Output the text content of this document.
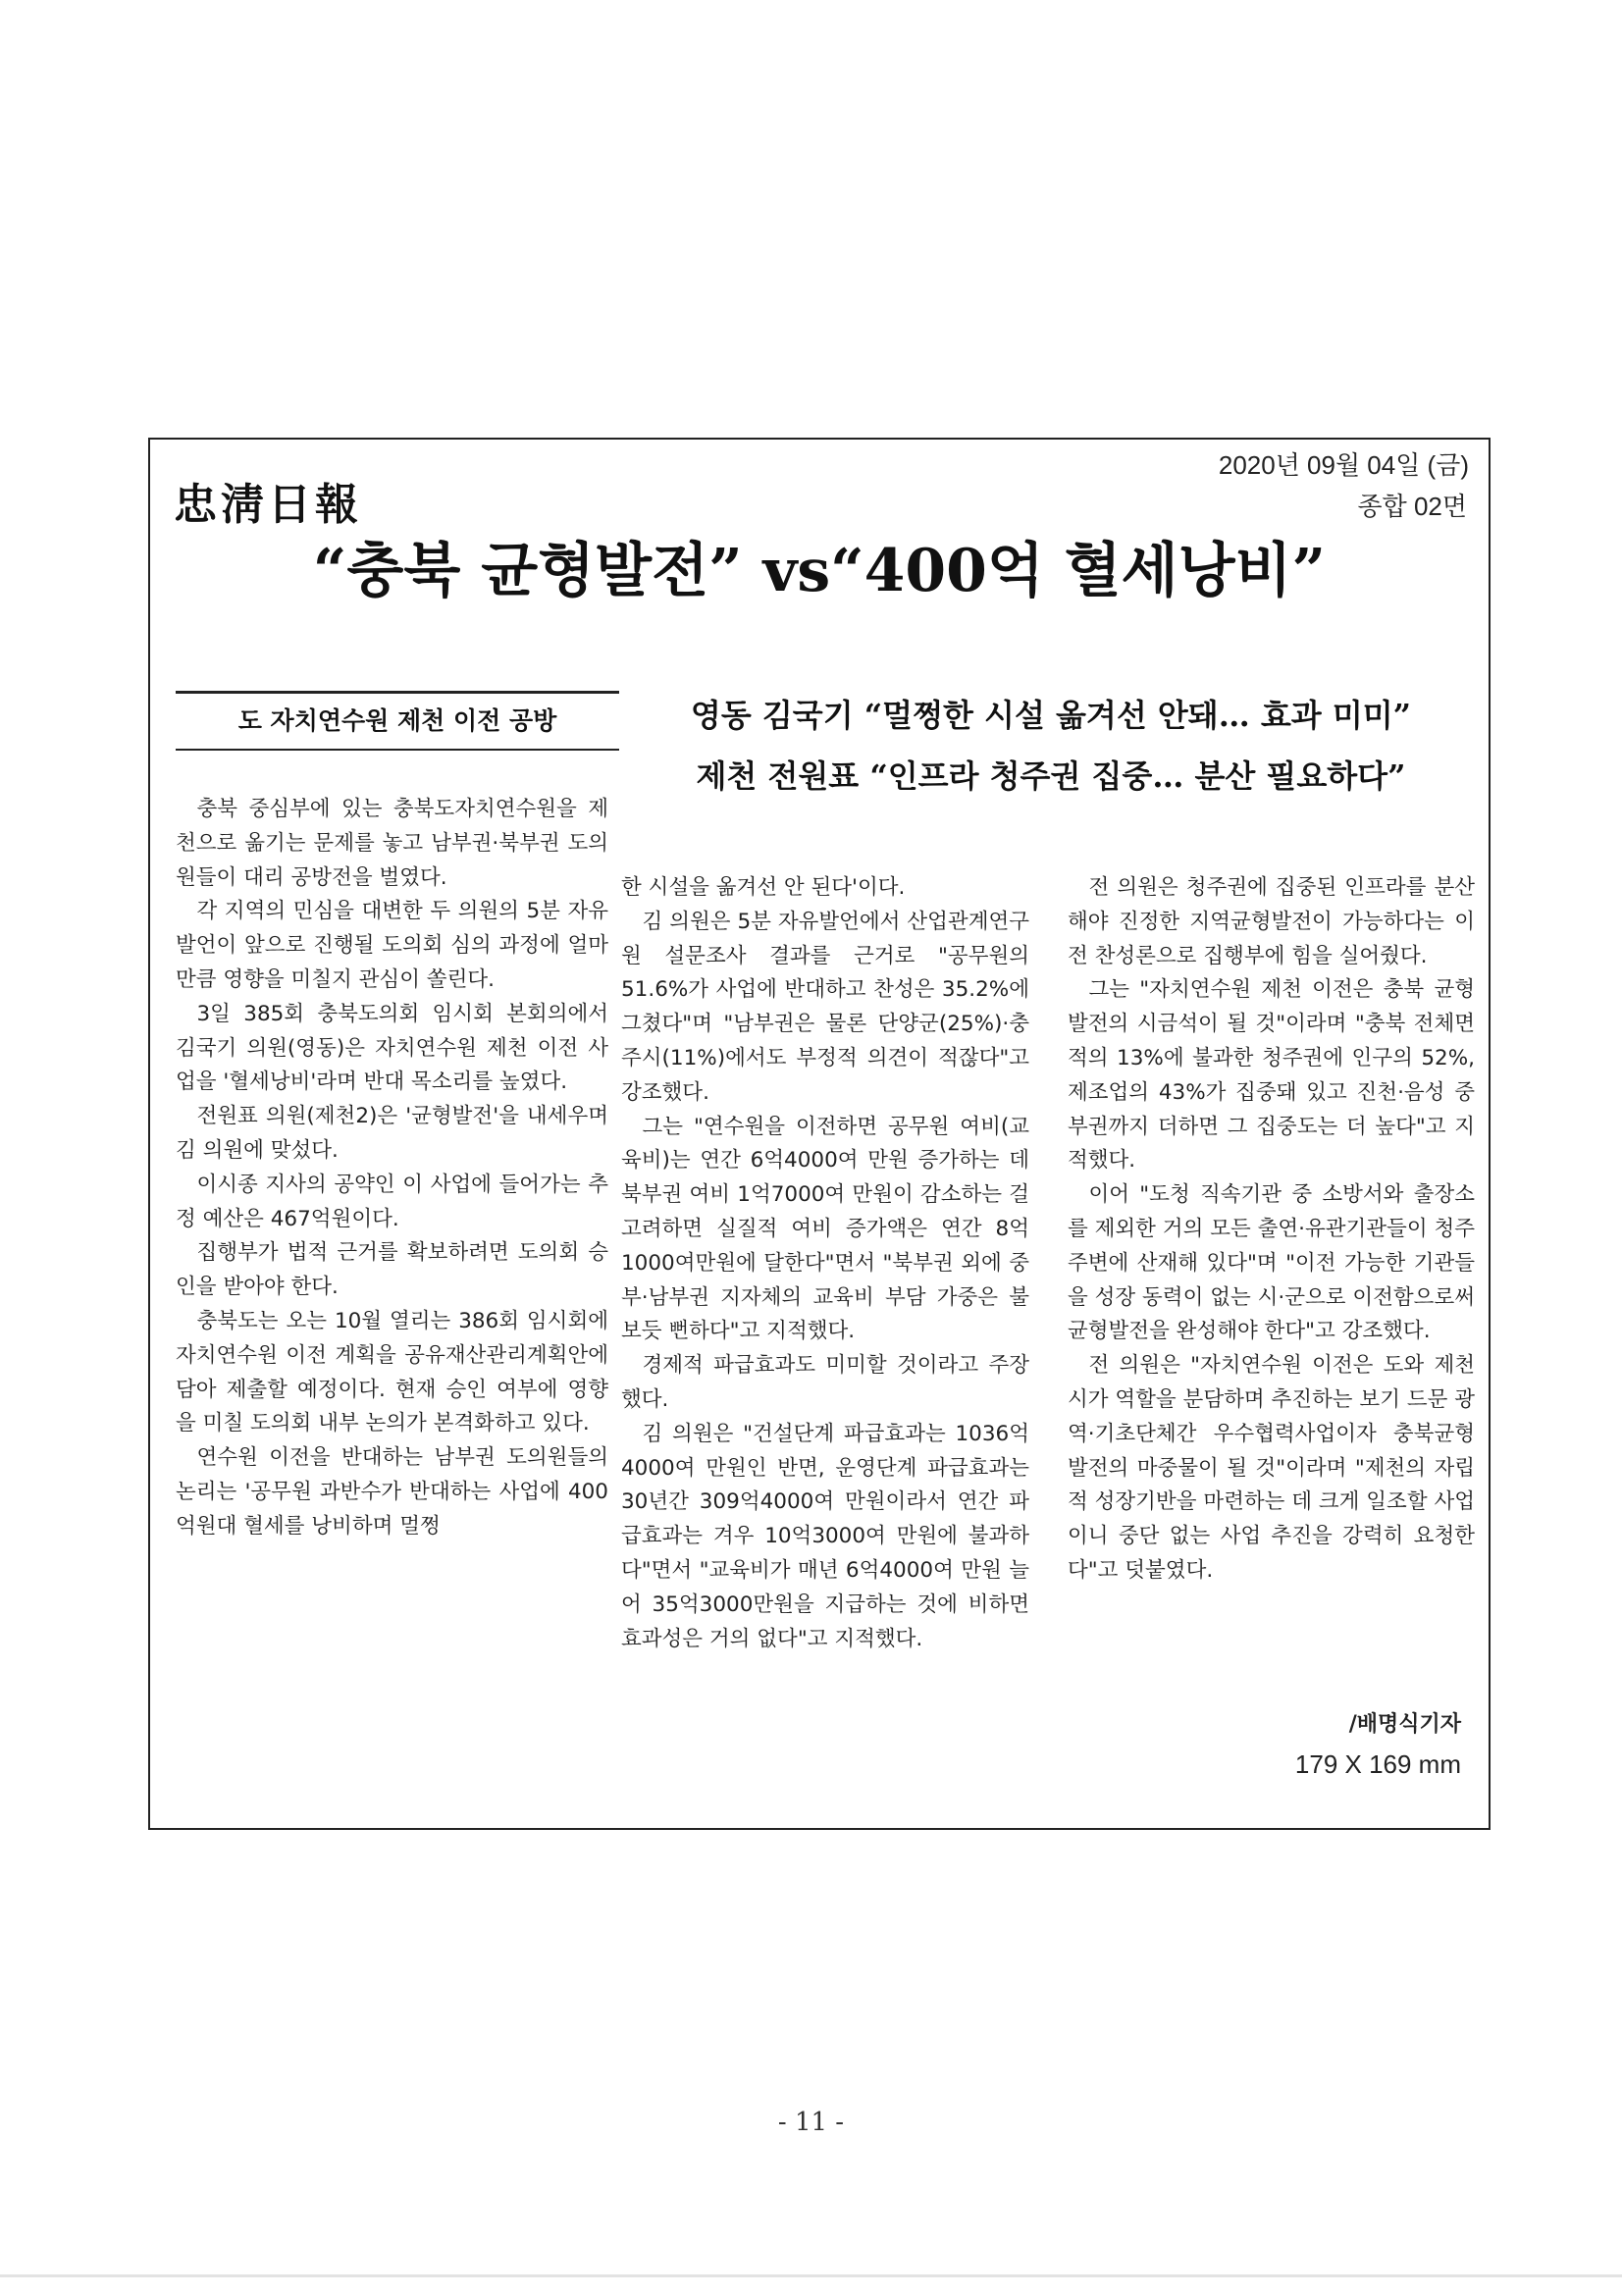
2020년 09월 04일 (금)
종합 02면
忠淸日報
“충북 균형발전” vs“400억 혈세낭비”
도 자치연수원 제천 이전 공방	영동 김국기 “멀쩡한 시설 옮겨선 안돼… 효과 미미”
제천 전원표 “인프라 청주권 집중… 분산 필요하다”

충북 중심부에 있는 충북도자치연수원을 제천으로 옮기는 문제를 놓고 남부권·북부권 도의원들이 대리 공방전을 벌였다.

각 지역의 민심을 대변한 두 의원의 5분 자유발언이 앞으로 진행될 도의회 심의 과정에 얼마만큼 영향을 미칠지 관심이 쏠린다.

3일 385회 충북도의회 임시회 본회의에서 김국기 의원(영동)은 자치연수원 제천 이전 사업을 '혈세낭비'라며 반대 목소리를 높였다.

전원표 의원(제천2)은 '균형발전'을 내세우며 김 의원에 맞섰다.

이시종 지사의 공약인 이 사업에 들어가는 추정 예산은 467억원이다.

집행부가 법적 근거를 확보하려면 도의회 승인을 받아야 한다.

충북도는 오는 10월 열리는 386회 임시회에 자치연수원 이전 계획을 공유재산관리계획안에 담아 제출할 예정이다. 현재 승인 여부에 영향을 미칠 도의회 내부 논의가 본격화하고 있다.

연수원 이전을 반대하는 남부권 도의원들의 논리는 '공무원 과반수가 반대하는 사업에 400억원대 혈세를 낭비하며 멀쩡

한 시설을 옮겨선 안 된다'이다.

김 의원은 5분 자유발언에서 산업관계연구원 설문조사 결과를 근거로 "공무원의 51.6%가 사업에 반대하고 찬성은 35.2%에 그쳤다"며 "남부권은 물론 단양군(25%)·충주시(11%)에서도 부정적 의견이 적잖다"고 강조했다.

그는 "연수원을 이전하면 공무원 여비(교육비)는 연간 6억4000여 만원 증가하는 데 북부권 여비 1억7000여 만원이 감소하는 걸 고려하면 실질적 여비 증가액은 연간 8억1000여만원에 달한다"면서 "북부권 외에 중부·남부권 지자체의 교육비 부담 가중은 불 보듯 뻔하다"고 지적했다.

경제적 파급효과도 미미할 것이라고 주장했다.

김 의원은 "건설단계 파급효과는 1036억4000여 만원인 반면, 운영단계 파급효과는 30년간 309억4000여 만원이라서 연간 파급효과는 겨우 10억3000여 만원에 불과하다"면서 "교육비가 매년 6억4000여 만원 늘어 35억3000만원을 지급하는 것에 비하면 효과성은 거의 없다"고 지적했다.

전 의원은 청주권에 집중된 인프라를 분산해야 진정한 지역균형발전이 가능하다는 이전 찬성론으로 집행부에 힘을 실어줬다.

그는 "자치연수원 제천 이전은 충북 균형발전의 시금석이 될 것"이라며 "충북 전체면적의 13%에 불과한 청주권에 인구의 52%, 제조업의 43%가 집중돼 있고 진천·음성 중부권까지 더하면 그 집중도는 더 높다"고 지적했다.

이어 "도청 직속기관 중 소방서와 출장소를 제외한 거의 모든 출연·유관기관들이 청주 주변에 산재해 있다"며 "이전 가능한 기관들을 성장 동력이 없는 시·군으로 이전함으로써 균형발전을 완성해야 한다"고 강조했다.

전 의원은 "자치연수원 이전은 도와 제천시가 역할을 분담하며 추진하는 보기 드문 광역·기초단체간 우수협력사업이자 충북균형발전의 마중물이 될 것"이라며 "제천의 자립적 성장기반을 마련하는 데 크게 일조할 사업이니 중단 없는 사업 추진을 강력히 요청한다"고 덧붙였다.

/배명식기자
179 X 169 mm
- 11 -
